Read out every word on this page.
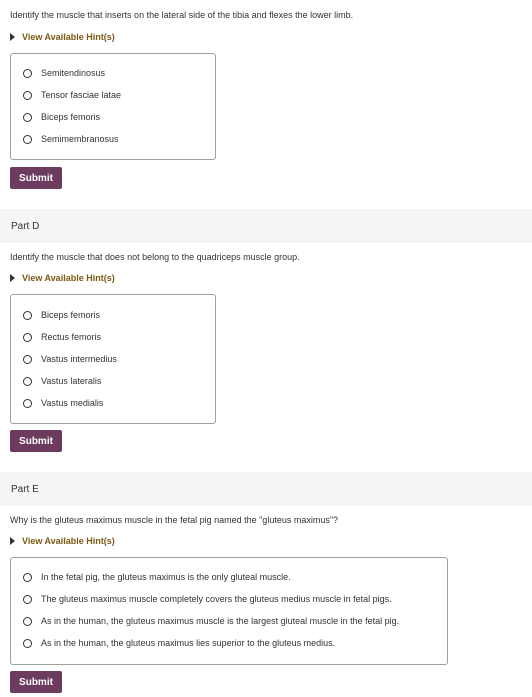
Identify the muscle that inserts on the lateral side of the tibia and flexes the lower limb.
View Available Hint(s)
Semitendinosus
Tensor fasciae latae
Biceps femoris
Semimembranosus
Submit
Part D
Identify the muscle that does not belong to the quadriceps muscle group.
View Available Hint(s)
Biceps femoris
Rectus femoris
Vastus intermedius
Vastus lateralis
Vastus medialis
Submit
Part E
Why is the gluteus maximus muscle in the fetal pig named the "gluteus maximus"?
View Available Hint(s)
In the fetal pig, the gluteus maximus is the only gluteal muscle.
The gluteus maximus muscle completely covers the gluteus medius muscle in fetal pigs.
As in the human, the gluteus maximus muscle is the largest gluteal muscle in the fetal pig.
As in the human, the gluteus maximus lies superior to the gluteus medius.
Submit
